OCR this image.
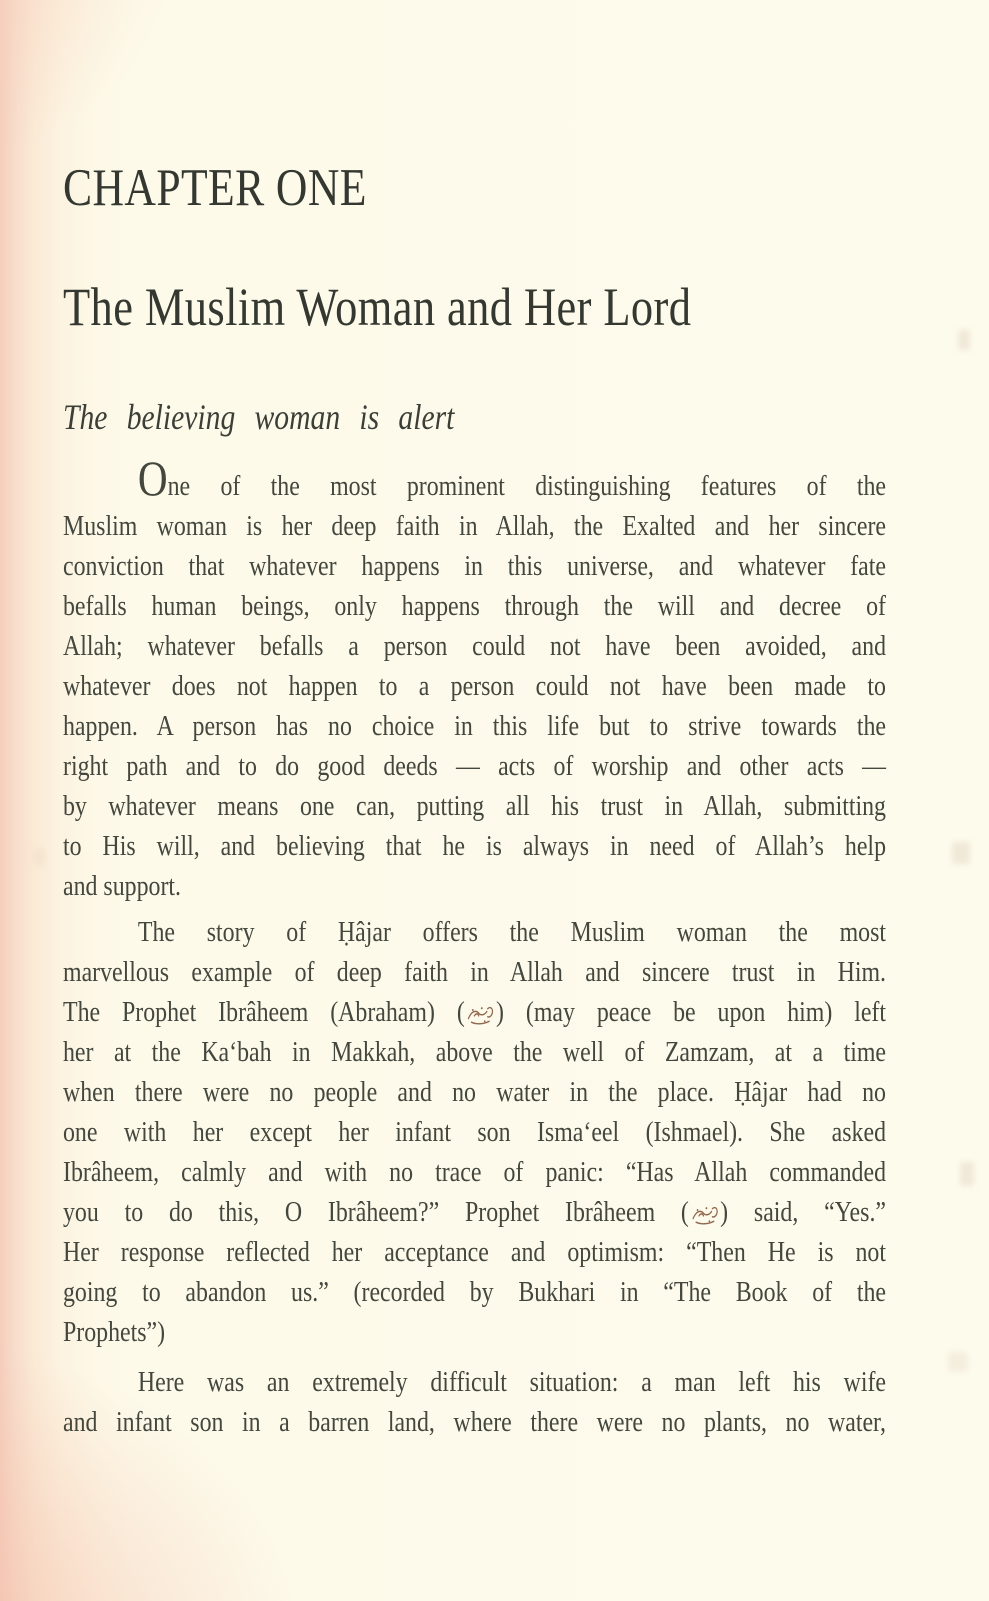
CHAPTER ONE
The Muslim Woman and Her Lord
The believing woman is alert
One of the most prominent distinguishing features of the
Muslim woman is her deep faith in Allah, the Exalted and her sincere
conviction that whatever happens in this universe, and whatever fate
befalls human beings, only happens through the will and decree of
Allah; whatever befalls a person could not have been avoided, and
whatever does not happen to a person could not have been made to
happen. A person has no choice in this life but to strive towards the
right path and to do good deeds — acts of worship and other acts —
by whatever means one can, putting all his trust in Allah, submitting
to His will, and believing that he is always in need of Allah’s help
and support.
The story of Ḥâjar offers the Muslim woman the most
marvellous example of deep faith in Allah and sincere trust in Him.
The Prophet Ibrâheem (Abraham) ( ) (may peace be upon him) left
her at the Ka‘bah in Makkah, above the well of Zamzam, at a time
when there were no people and no water in the place. Ḥâjar had no
one with her except her infant son Isma‘eel (Ishmael). She asked
Ibrâheem, calmly and with no trace of panic: “Has Allah commanded
you to do this, O Ibrâheem?” Prophet Ibrâheem ( ) said, “Yes.”
Her response reflected her acceptance and optimism: “Then He is not
going to abandon us.” (recorded by Bukhari in “The Book of the
Prophets”)
Here was an extremely difficult situation: a man left his wife
and infant son in a barren land, where there were no plants, no water,
